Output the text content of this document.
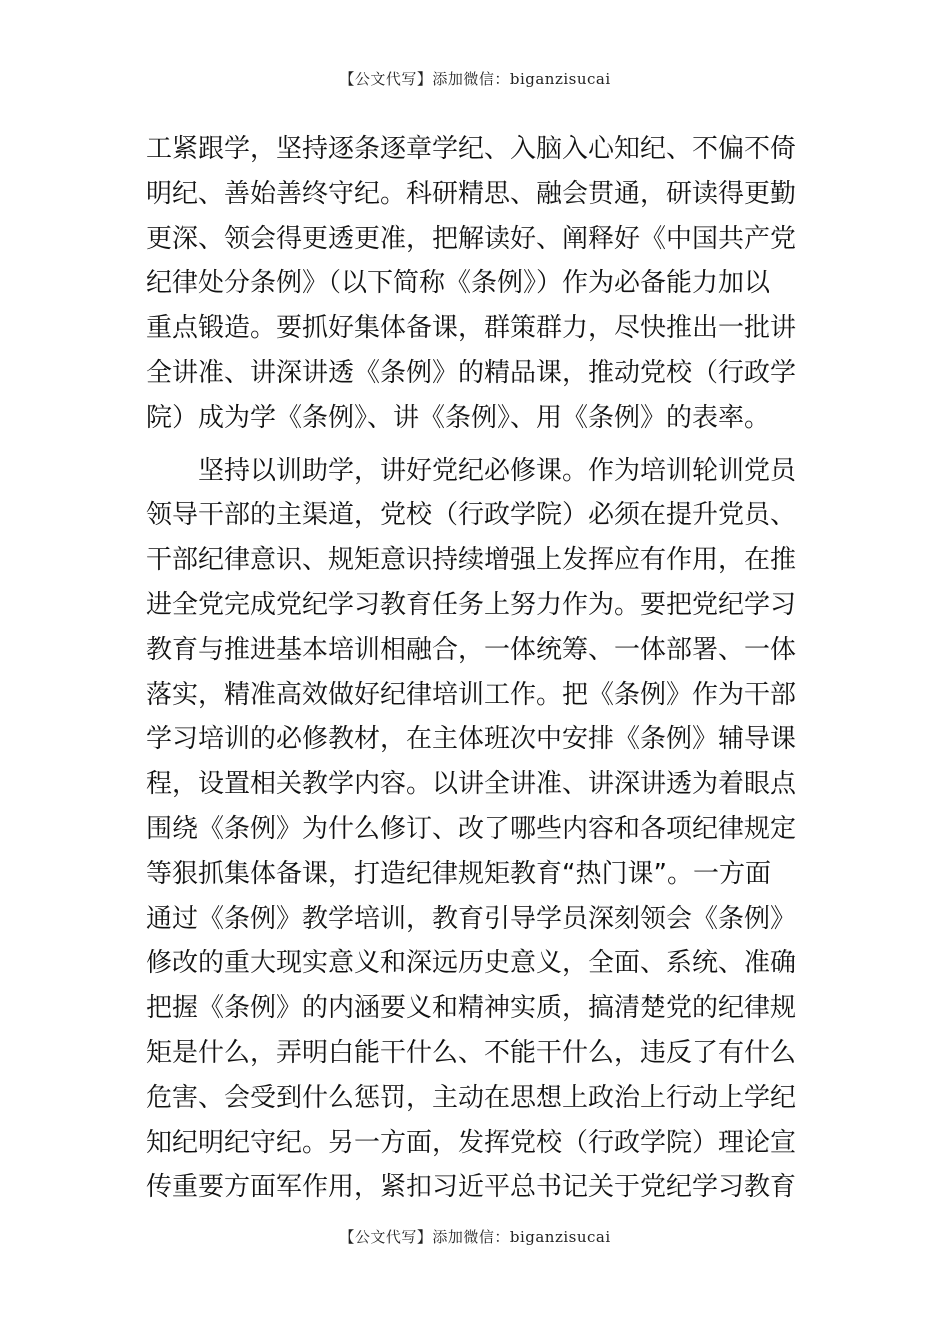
【公文代写】添加微信：biganzisucai
工紧跟学，坚持逐条逐章学纪、入脑入心知纪、不偏不倚
明纪、善始善终守纪。科研精思、融会贯通，研读得更勤
更深、领会得更透更准，把解读好、阐释好《中国共产党
纪律处分条例》（以下简称《条例》）作为必备能力加以
重点锻造。要抓好集体备课，群策群力，尽快推出一批讲
全讲准、讲深讲透《条例》的精品课，推动党校（行政学
院）成为学《条例》、讲《条例》、用《条例》的表率。
　　坚持以训助学，讲好党纪必修课。作为培训轮训党员
领导干部的主渠道，党校（行政学院）必须在提升党员、
干部纪律意识、规矩意识持续增强上发挥应有作用，在推
进全党完成党纪学习教育任务上努力作为。要把党纪学习
教育与推进基本培训相融合，一体统筹、一体部署、一体
落实，精准高效做好纪律培训工作。把《条例》作为干部
学习培训的必修教材，在主体班次中安排《条例》辅导课
程，设置相关教学内容。以讲全讲准、讲深讲透为着眼点
围绕《条例》为什么修订、改了哪些内容和各项纪律规定
等狠抓集体备课，打造纪律规矩教育“热门课”。一方面
通过《条例》教学培训，教育引导学员深刻领会《条例》
修改的重大现实意义和深远历史意义，全面、系统、准确
把握《条例》的内涵要义和精神实质，搞清楚党的纪律规
矩是什么，弄明白能干什么、不能干什么，违反了有什么
危害、会受到什么惩罚，主动在思想上政治上行动上学纪
知纪明纪守纪。另一方面，发挥党校（行政学院）理论宣
传重要方面军作用，紧扣习近平总书记关于党纪学习教育
【公文代写】添加微信：biganzisucai
